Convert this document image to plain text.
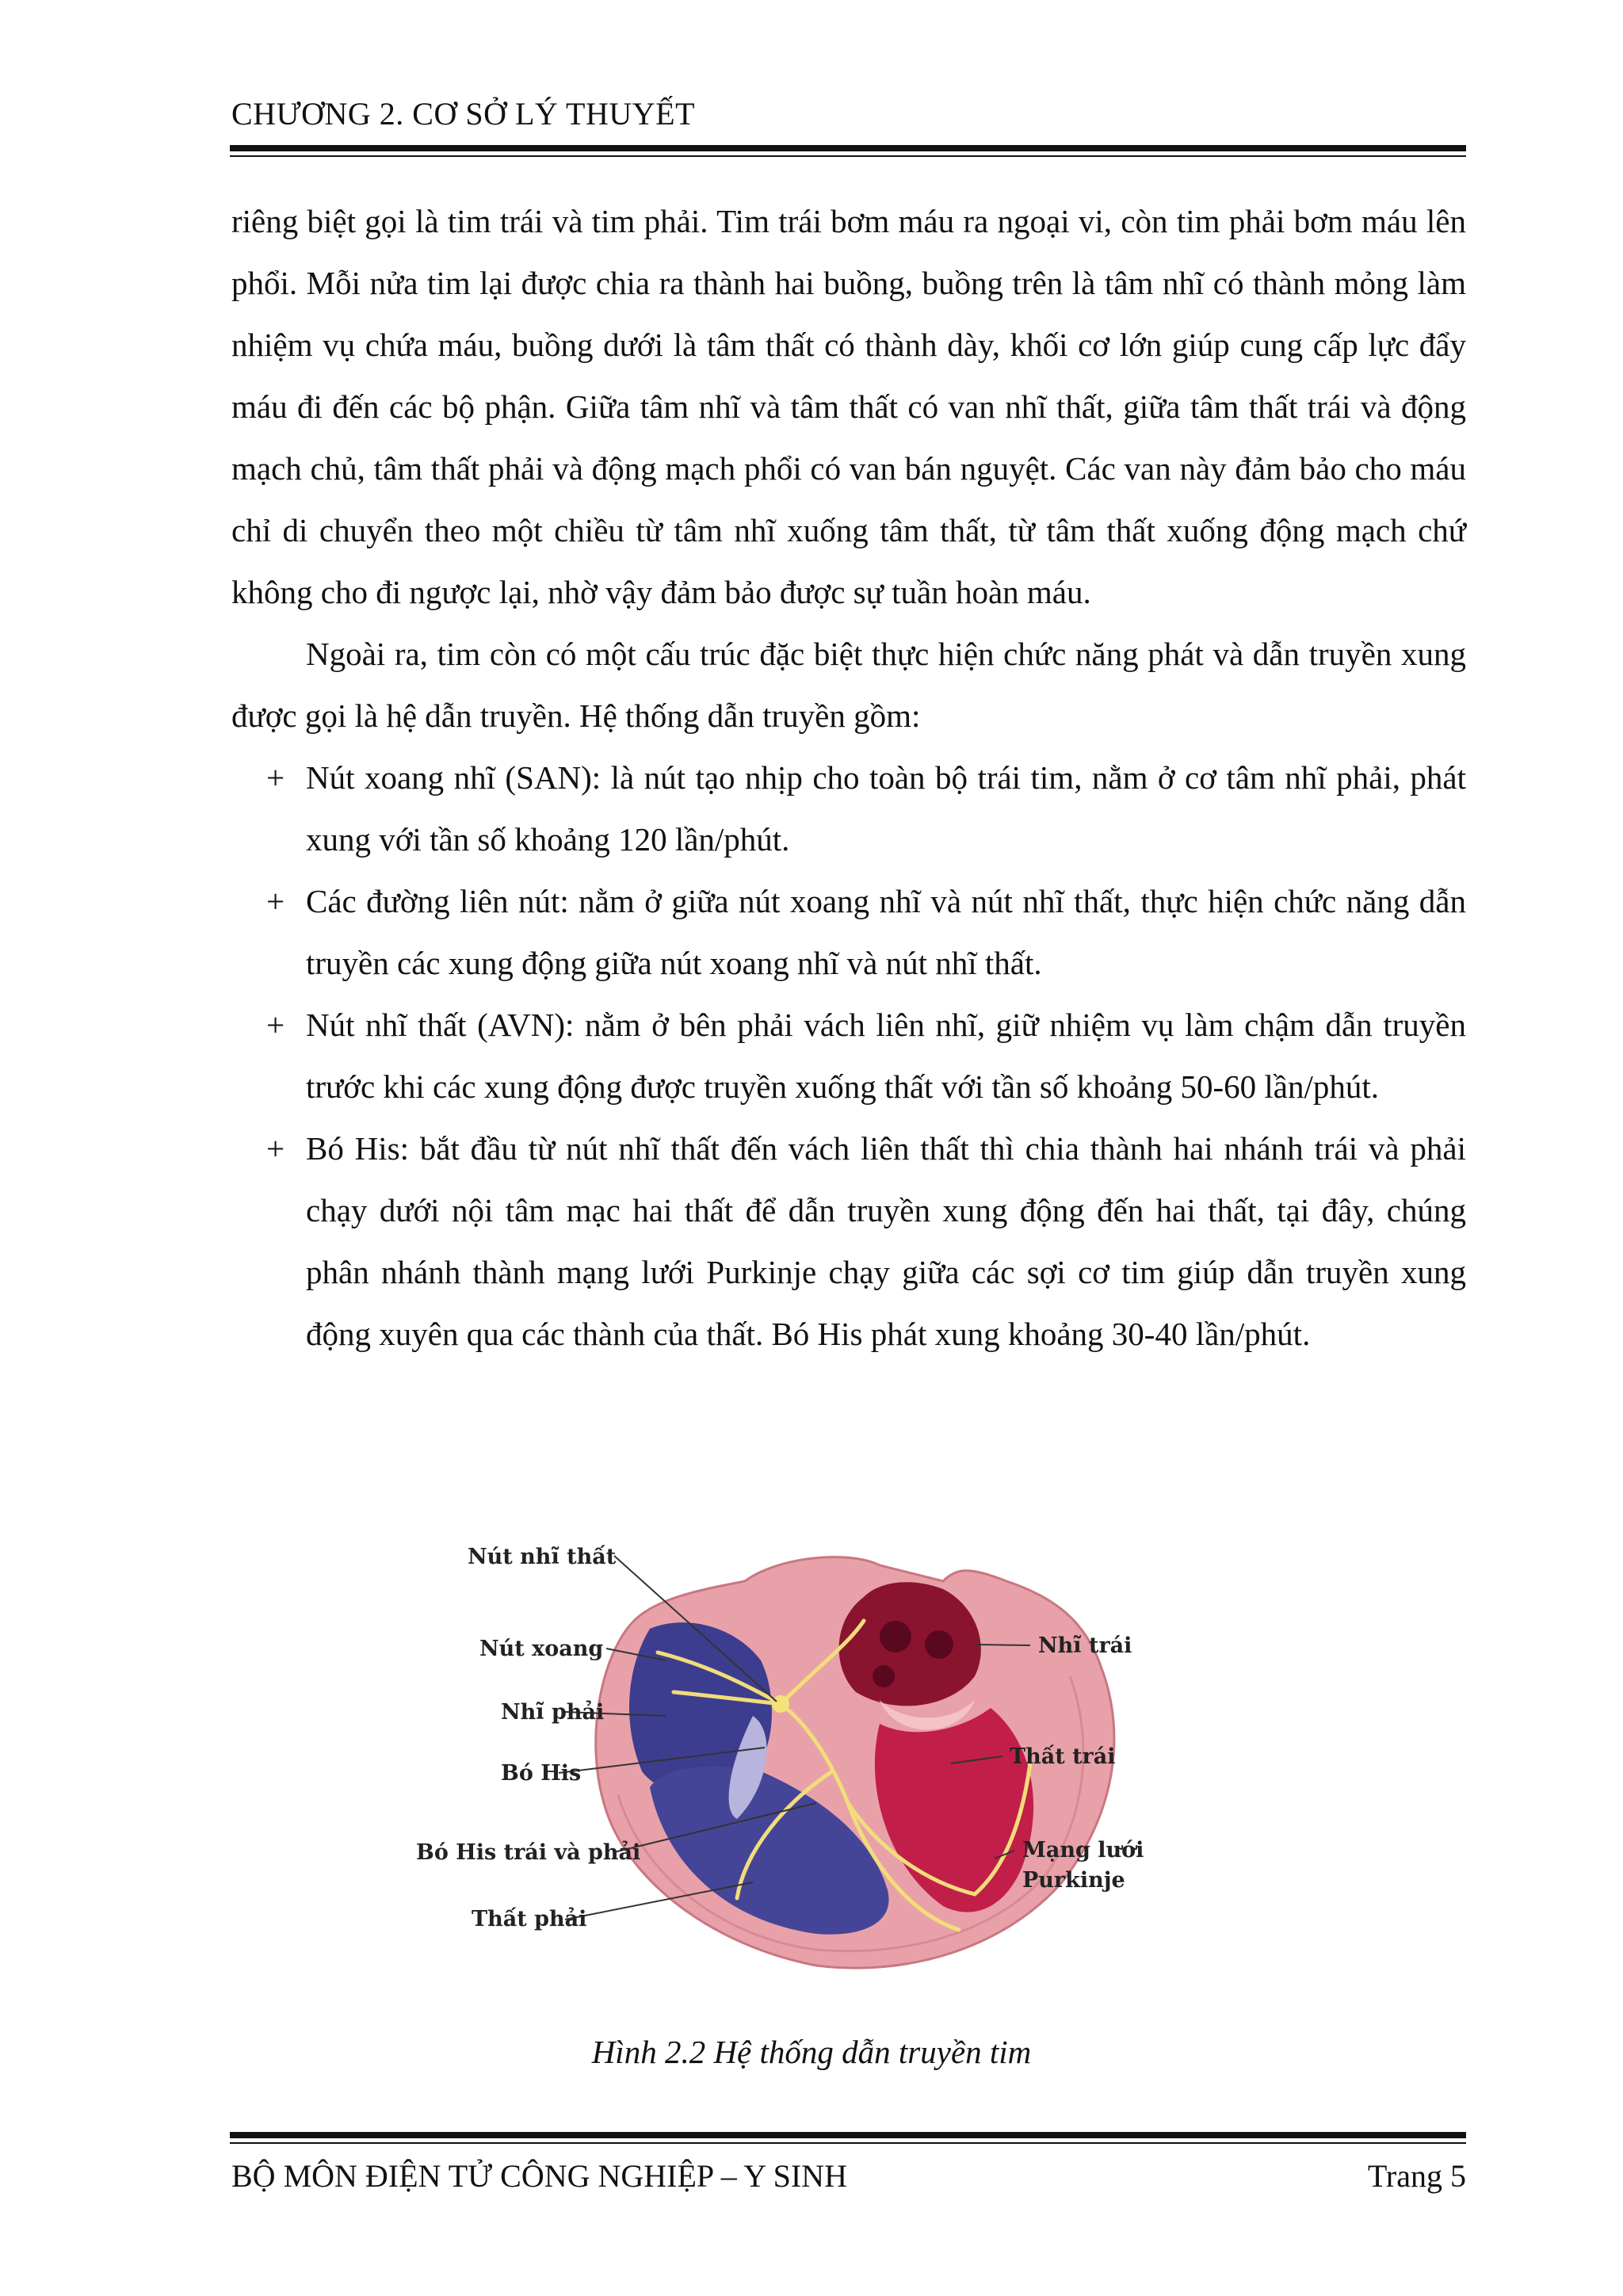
CHƯƠNG 2. CƠ SỞ LÝ THUYẾT

riêng biệt gọi là tim trái và tim phải. Tim trái bơm máu ra ngoại vi, còn tim phải bơm máu lên phổi. Mỗi nửa tim lại được chia ra thành hai buồng, buồng trên là tâm nhĩ có thành mỏng làm nhiệm vụ chứa máu, buồng dưới là tâm thất có thành dày, khối cơ lớn giúp cung cấp lực đẩy máu đi đến các bộ phận. Giữa tâm nhĩ và tâm thất có van nhĩ thất, giữa tâm thất trái và động mạch chủ, tâm thất phải và động mạch phổi có van bán nguyệt. Các van này đảm bảo cho máu chỉ di chuyển theo một chiều từ tâm nhĩ xuống tâm thất, từ tâm thất xuống động mạch chứ không cho đi ngược lại, nhờ vậy đảm bảo được sự tuần hoàn máu.

Ngoài ra, tim còn có một cấu trúc đặc biệt thực hiện chức năng phát và dẫn truyền xung được gọi là hệ dẫn truyền. Hệ thống dẫn truyền gồm:

+ Nút xoang nhĩ (SAN): là nút tạo nhịp cho toàn bộ trái tim, nằm ở cơ tâm nhĩ phải, phát xung với tần số khoảng 120 lần/phút.

+ Các đường liên nút: nằm ở giữa nút xoang nhĩ và nút nhĩ thất, thực hiện chức năng dẫn truyền các xung động giữa nút xoang nhĩ và nút nhĩ thất.

+ Nút nhĩ thất (AVN): nằm ở bên phải vách liên nhĩ, giữ nhiệm vụ làm chậm dẫn truyền trước khi các xung động được truyền xuống thất với tần số khoảng 50-60 lần/phút.

+ Bó His: bắt đầu từ nút nhĩ thất đến vách liên thất thì chia thành hai nhánh trái và phải chạy dưới nội tâm mạc hai thất để dẫn truyền xung động đến hai thất, tại đây, chúng phân nhánh thành mạng lưới Purkinje chạy giữa các sợi cơ tim giúp dẫn truyền xung động xuyên qua các thành của thất. Bó His phát xung khoảng 30-40 lần/phút.

Nút nhĩ thất
Nút xoang
Nhĩ phải
Bó His
Bó His trái và phải
Thất phải
Nhĩ trái
Thất trái
Mạng lưới
Purkinje
Hình 2.2 Hệ thống dẫn truyền tim
BỘ MÔN ĐIỆN TỬ CÔNG NGHIỆP – Y SINH	Trang 5
